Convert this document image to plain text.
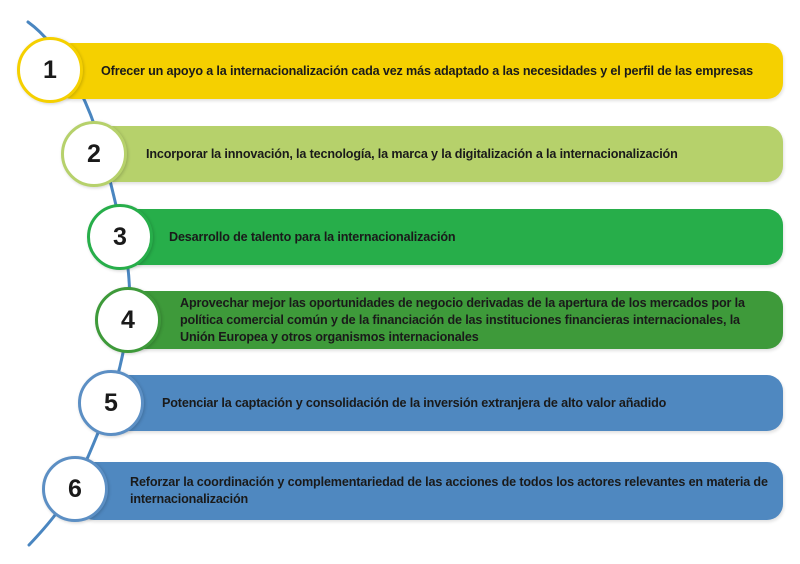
Ofrecer un apoyo a la internacionalización cada vez más adaptado a las necesidades y el perfil de las empresas
1
Incorporar la innovación, la tecnología, la marca y la digitalización a la internacionalización
2
Desarrollo de talento para la internacionalización
3
Aprovechar mejor las oportunidades de negocio derivadas de la apertura de los mercados por la política comercial común y de la financiación de las instituciones financieras internacionales, la Unión Europea y otros organismos internacionales
4
Potenciar la captación y consolidación de la inversión extranjera de alto valor añadido
5
Reforzar la coordinación y complementariedad de las acciones de todos los actores relevantes en materia de internacionalización
6
